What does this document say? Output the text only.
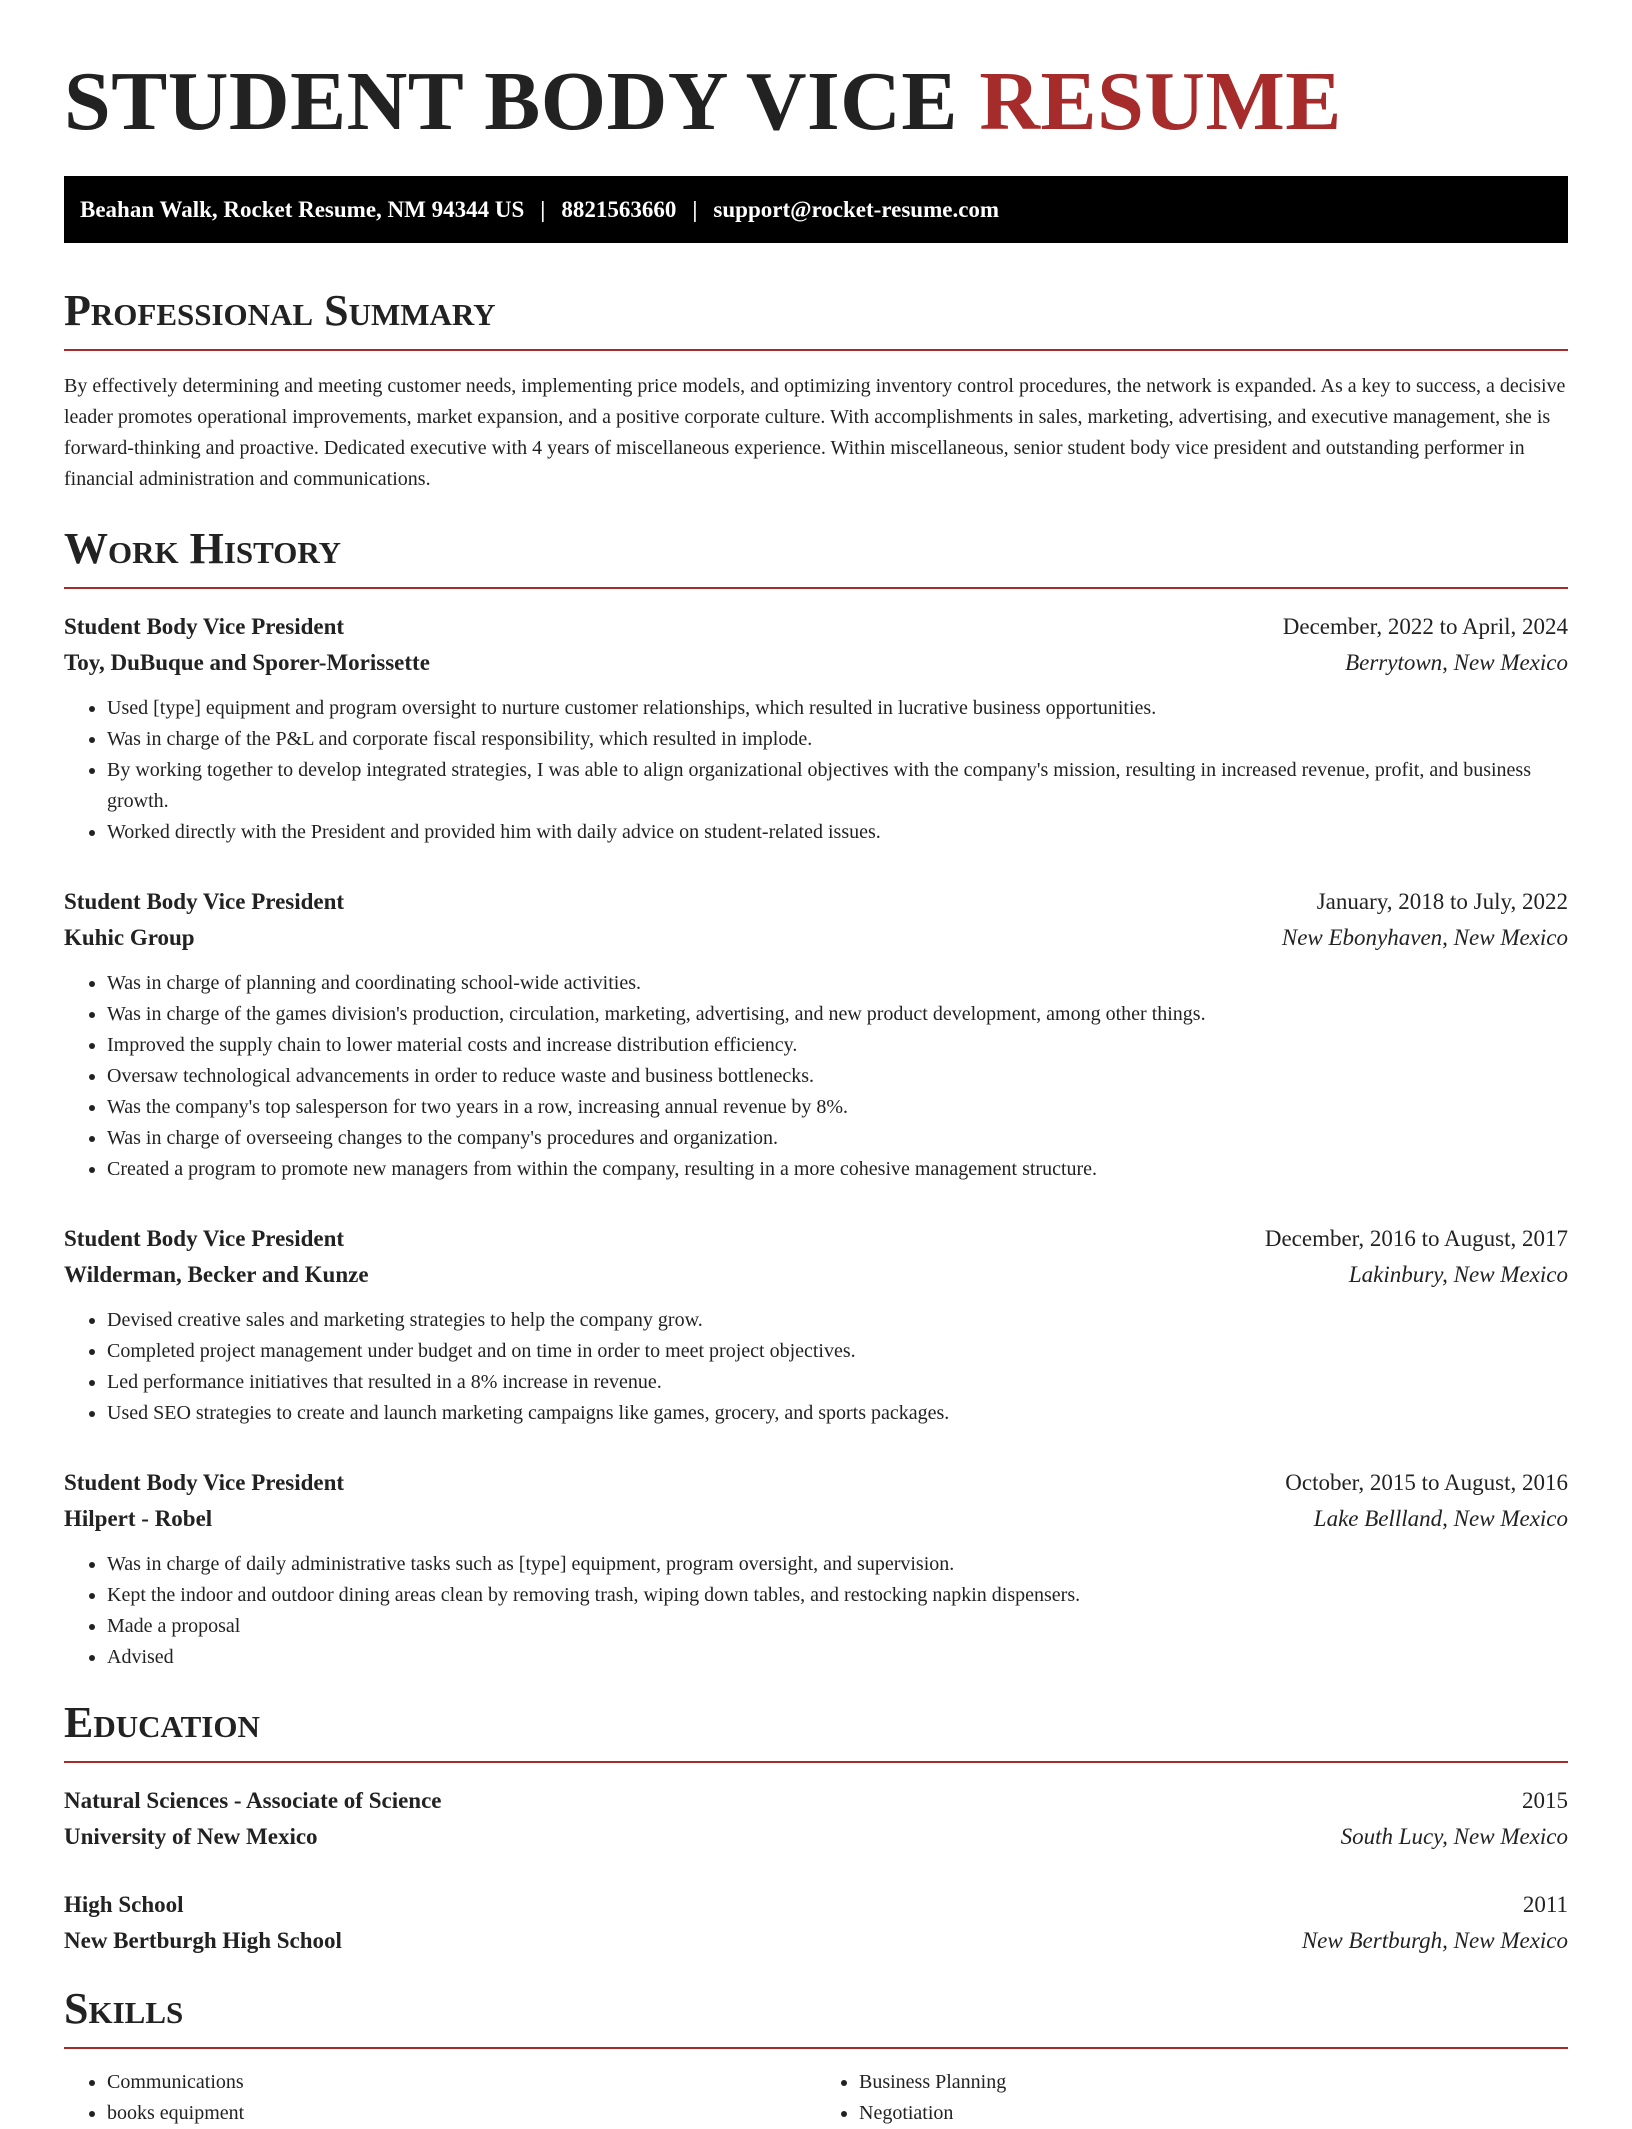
STUDENT BODY VICE RESUME
Beahan Walk, Rocket Resume, NM 94344 US | 8821563660 | support@rocket-resume.com
Professional Summary

By effectively determining and meeting customer needs, implementing price models, and optimizing inventory control procedures, the network is expanded. As a key to success, a decisive leader promotes operational improvements, market expansion, and a positive corporate culture. With accomplishments in sales, marketing, advertising, and executive management, she is forward-thinking and proactive. Dedicated executive with 4 years of miscellaneous experience. Within miscellaneous, senior student body vice president and outstanding performer in financial administration and communications.

Work History
Student Body Vice President	December, 2022 to April, 2024
Toy, DuBuque and Sporer-Morissette	Berrytown, New Mexico
• Used [type] equipment and program oversight to nurture customer relationships, which resulted in lucrative business opportunities.
• Was in charge of the P&L and corporate fiscal responsibility, which resulted in implode.
• By working together to develop integrated strategies, I was able to align organizational objectives with the company's mission, resulting in increased revenue, profit, and business growth.
• Worked directly with the President and provided him with daily advice on student-related issues.
Student Body Vice President	January, 2018 to July, 2022
Kuhic Group	New Ebonyhaven, New Mexico
• Was in charge of planning and coordinating school-wide activities.
• Was in charge of the games division's production, circulation, marketing, advertising, and new product development, among other things.
• Improved the supply chain to lower material costs and increase distribution efficiency.
• Oversaw technological advancements in order to reduce waste and business bottlenecks.
• Was the company's top salesperson for two years in a row, increasing annual revenue by 8%.
• Was in charge of overseeing changes to the company's procedures and organization.
• Created a program to promote new managers from within the company, resulting in a more cohesive management structure.
Student Body Vice President	December, 2016 to August, 2017
Wilderman, Becker and Kunze	Lakinbury, New Mexico
• Devised creative sales and marketing strategies to help the company grow.
• Completed project management under budget and on time in order to meet project objectives.
• Led performance initiatives that resulted in a 8% increase in revenue.
• Used SEO strategies to create and launch marketing campaigns like games, grocery, and sports packages.
Student Body Vice President	October, 2015 to August, 2016
Hilpert - Robel	Lake Bellland, New Mexico
• Was in charge of daily administrative tasks such as [type] equipment, program oversight, and supervision.
• Kept the indoor and outdoor dining areas clean by removing trash, wiping down tables, and restocking napkin dispensers.
• Made a proposal
• Advised
Education
Natural Sciences - Associate of Science	2015
University of New Mexico	South Lucy, New Mexico
High School	2011
New Bertburgh High School	New Bertburgh, New Mexico
Skills
• Communications
• books equipment
• Business Planning
• Negotiation
